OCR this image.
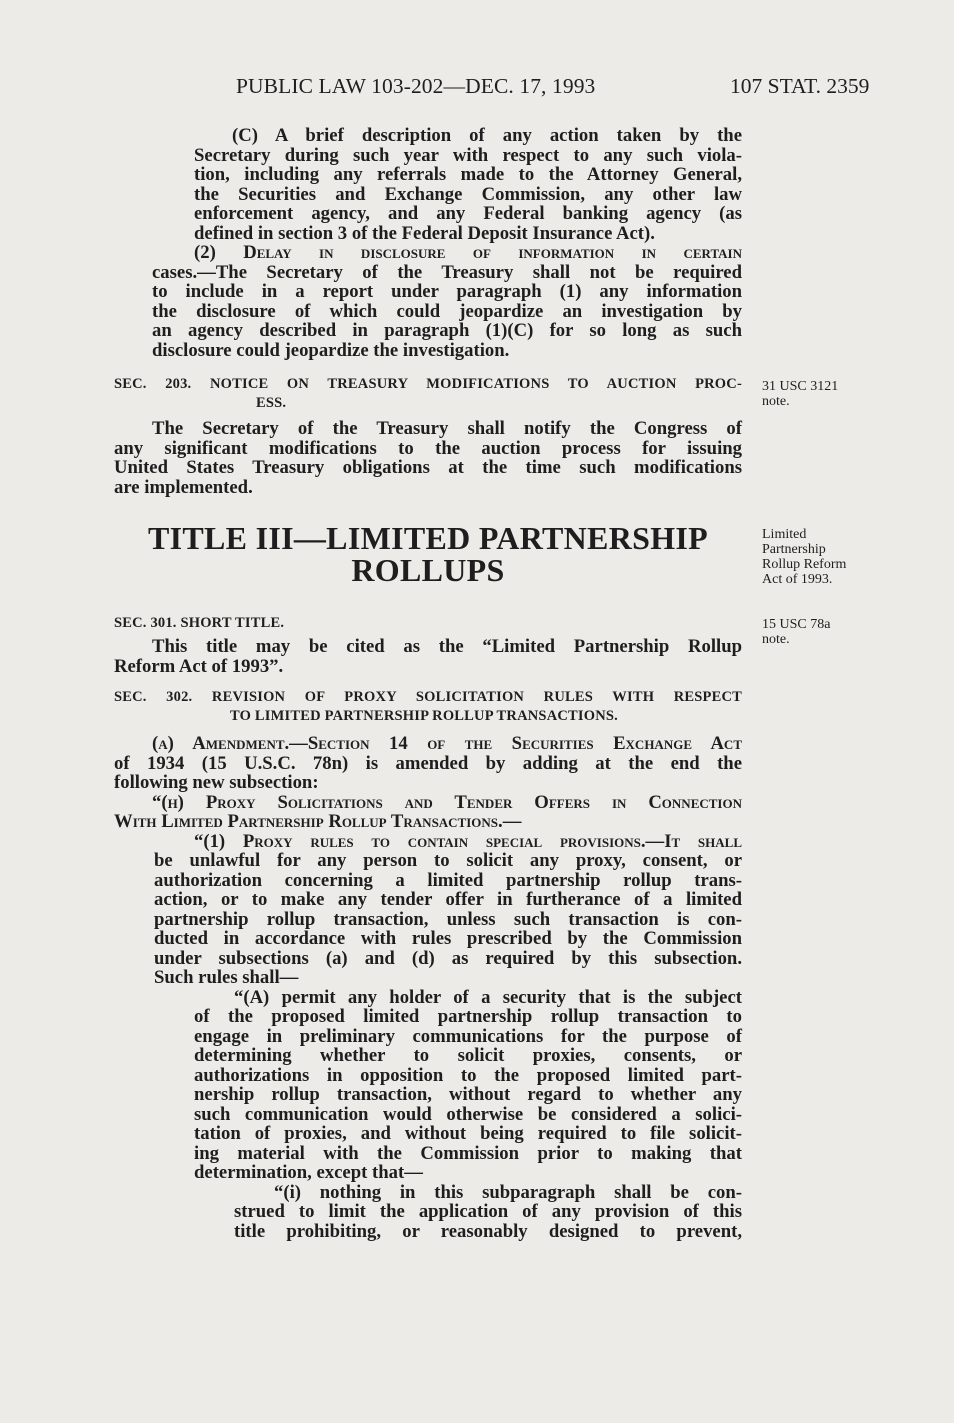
PUBLIC LAW 103-202—DEC. 17, 1993	107 STAT. 2359

(C) A brief description of any action taken by the

Secretary during such year with respect to any such viola-

tion, including any referrals made to the Attorney General,

the Securities and Exchange Commission, any other law

enforcement agency, and any Federal banking agency (as

defined in section 3 of the Federal Deposit Insurance Act).

(2) Delay in disclosure of information in certain

cases.—The Secretary of the Treasury shall not be required

to include in a report under paragraph (1) any information

the disclosure of which could jeopardize an investigation by

an agency described in paragraph (1)(C) for so long as such

disclosure could jeopardize the investigation.

SEC. 203. NOTICE ON TREASURY MODIFICATIONS TO AUCTION PROC-

ESS.

The Secretary of the Treasury shall notify the Congress of

any significant modifications to the auction process for issuing

United States Treasury obligations at the time such modifications

are implemented.

31 USC 3121
note.
TITLE III—LIMITED PARTNERSHIP
ROLLUPS
Limited
Partnership
Rollup Reform
Act of 1993.

SEC. 301. SHORT TITLE.

This title may be cited as the “Limited Partnership Rollup

Reform Act of 1993”.

15 USC 78a
note.

SEC. 302. REVISION OF PROXY SOLICITATION RULES WITH RESPECT

TO LIMITED PARTNERSHIP ROLLUP TRANSACTIONS.

(a) Amendment.—Section 14 of the Securities Exchange Act

of 1934 (15 U.S.C. 78n) is amended by adding at the end the

following new subsection:

“(h) Proxy Solicitations and Tender Offers in Connection

With Limited Partnership Rollup Transactions.—

“(1) Proxy rules to contain special provisions.—It shall

be unlawful for any person to solicit any proxy, consent, or

authorization concerning a limited partnership rollup trans-

action, or to make any tender offer in furtherance of a limited

partnership rollup transaction, unless such transaction is con-

ducted in accordance with rules prescribed by the Commission

under subsections (a) and (d) as required by this subsection.

Such rules shall—

“(A) permit any holder of a security that is the subject

of the proposed limited partnership rollup transaction to

engage in preliminary communications for the purpose of

determining whether to solicit proxies, consents, or

authorizations in opposition to the proposed limited part-

nership rollup transaction, without regard to whether any

such communication would otherwise be considered a solici-

tation of proxies, and without being required to file solicit-

ing material with the Commission prior to making that

determination, except that—

“(i) nothing in this subparagraph shall be con-

strued to limit the application of any provision of this

title prohibiting, or reasonably designed to prevent,
